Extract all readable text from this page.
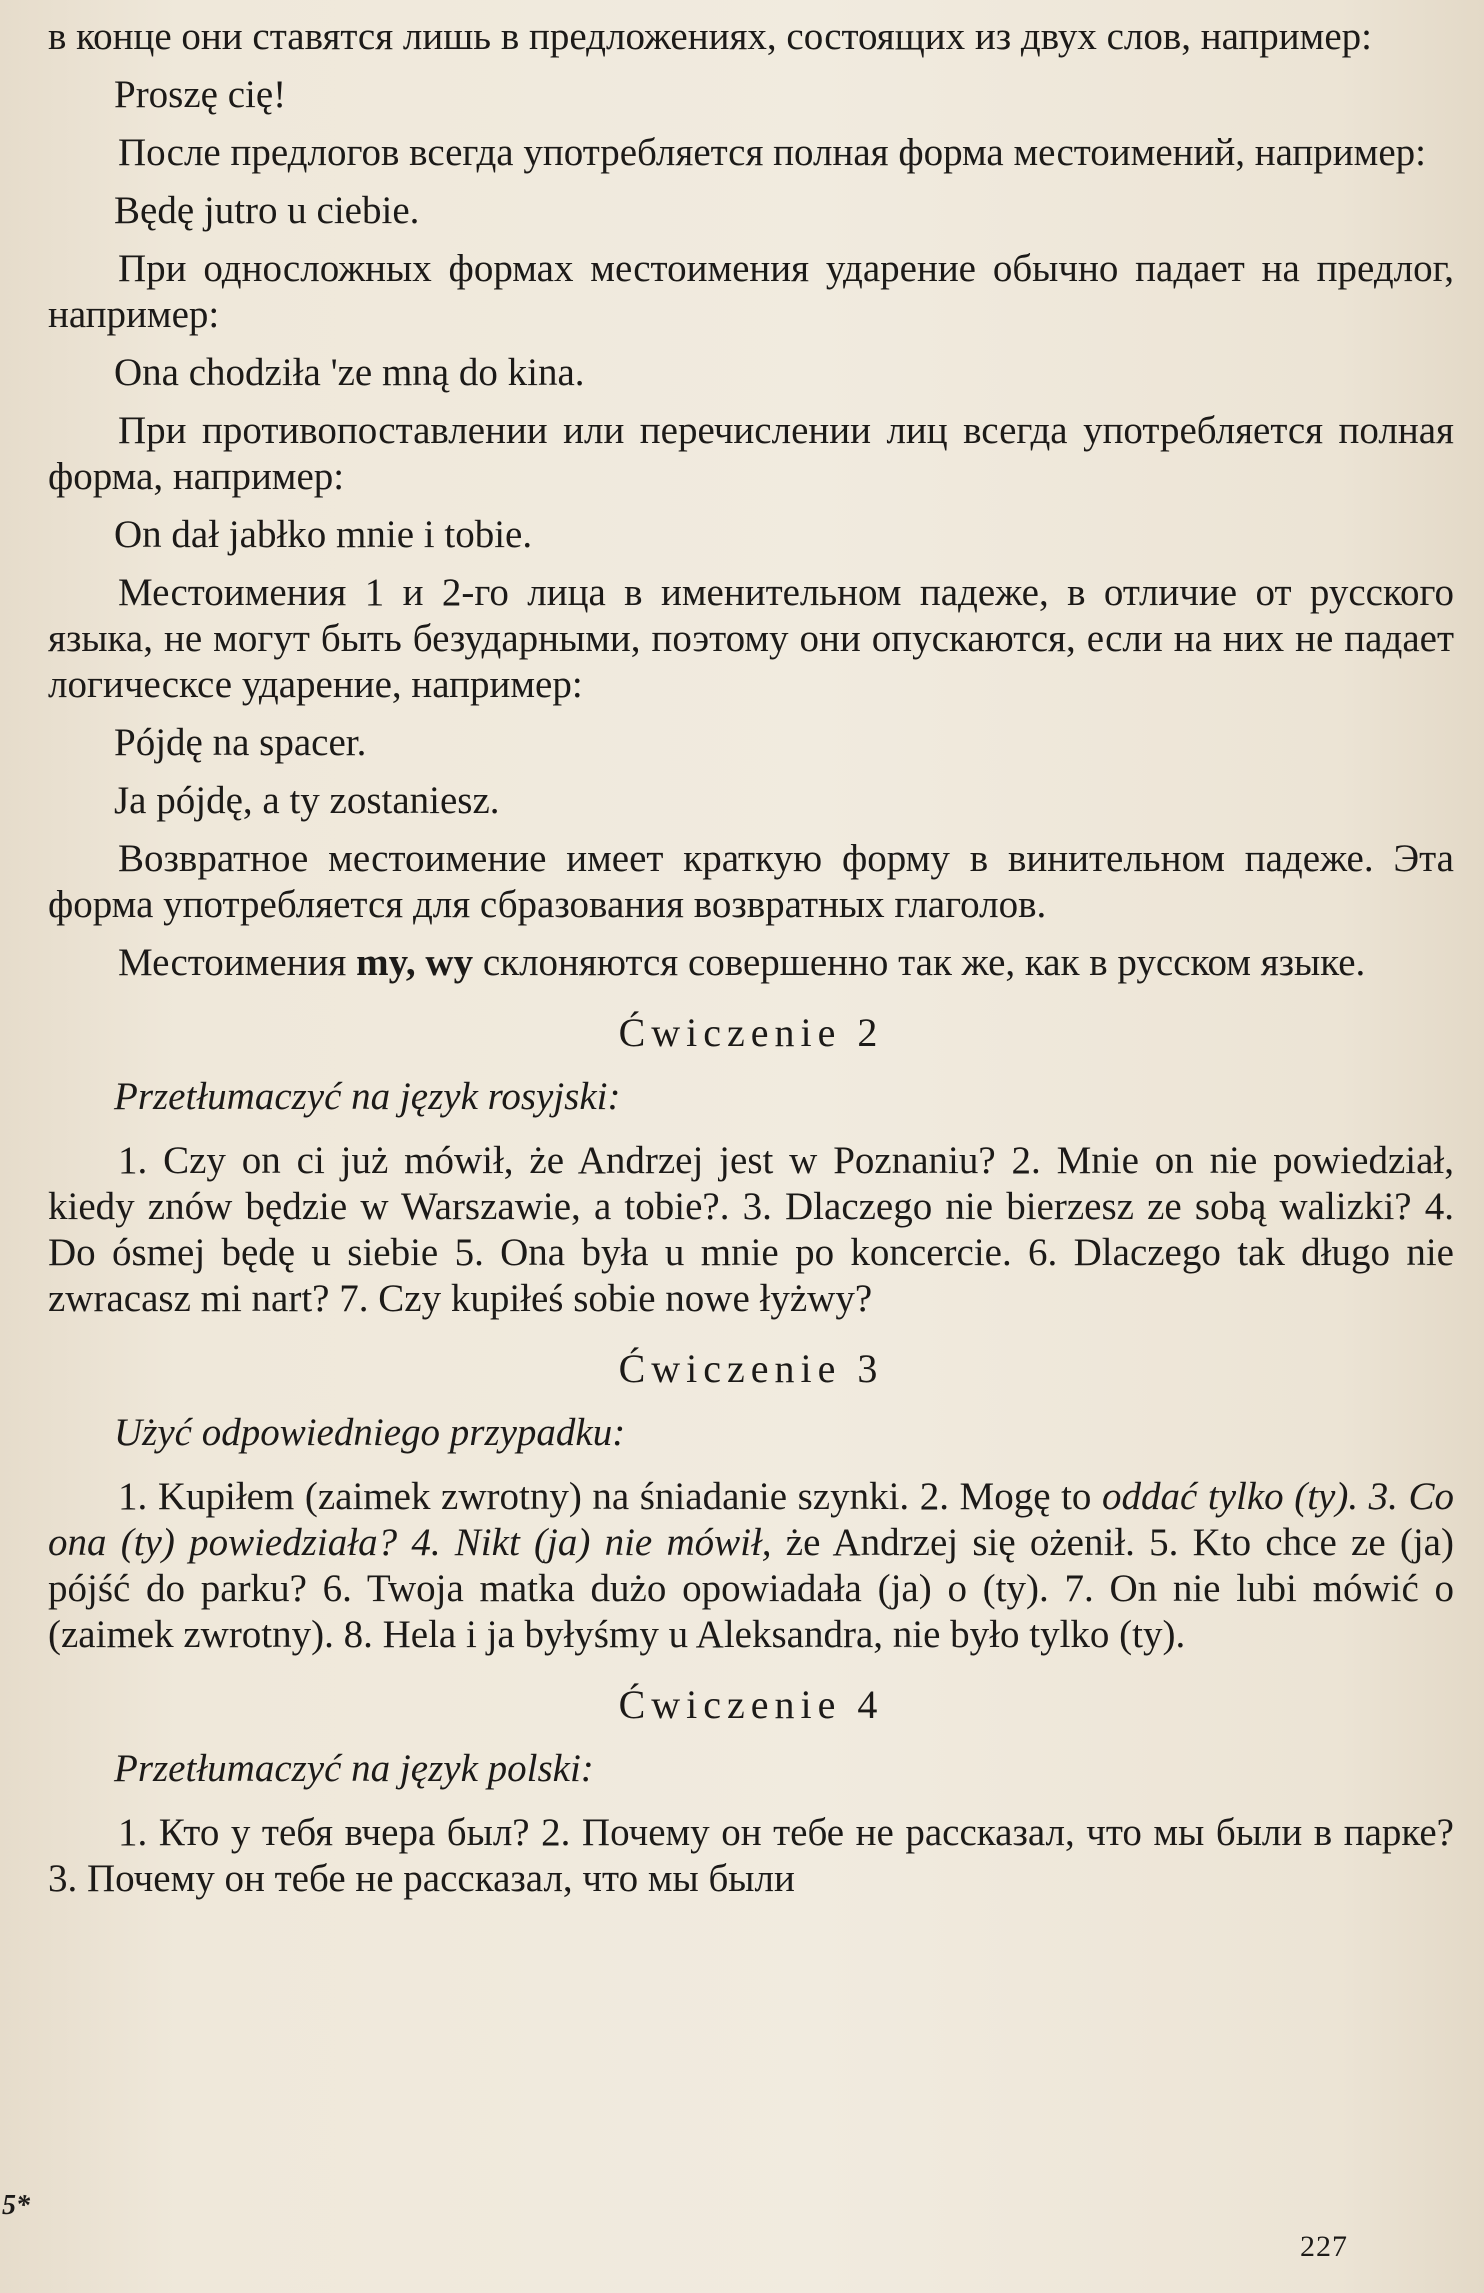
в конце они ставятся лишь в предложениях, состоящих из двух слов, например:

Proszę cię!

После предлогов всегда употребляется полная форма местоимений, например:

Będę jutro u ciebie.

При односложных формах местоимения ударение обычно падает на предлог, например:

Ona chodziła 'ze mną do kina.

При противопоставлении или перечислении лиц всегда употребляется полная форма, например:

On dał jabłko mnie i tobie.

Местоимения 1 и 2-го лица в именительном падеже, в отличие от русского языка, не могут быть безударными, поэтому они опускаются, если на них не падает логическсе ударение, например:

Pójdę na spacer.

Ja pójdę, a ty zostaniesz.

Возвратное местоимение имеет краткую форму в винительном падеже. Эта форма употребляется для сбразования возвратных глаголов.

Местоимения my, wy склоняются совершенно так же, как в русском языке.

Ćwiczenie 2

Przetłumaczyć na język rosyjski:

1. Czy on ci już mówił, że Andrzej jest w Poznaniu? 2. Mnie on nie powiedział, kiedy znów będzie w Warszawie, a tobie?. 3. Dlaczego nie bierzesz ze sobą walizki? 4. Do ósmej będę u siebie 5. Ona była u mnie po koncercie. 6. Dlaczego tak długo nie zwracasz mi nart? 7. Czy kupiłeś sobie nowe łyżwy?

Ćwiczenie 3

Użyć odpowiedniego przypadku:

1. Kupiłem (zaimek zwrotny) na śniadanie szynki. 2. Mogę to oddać tylko (ty). 3. Co ona (ty) powiedziała? 4. Nikt (ja) nie mówił, że Andrzej się ożenił. 5. Kto chce ze (ja) pójść do parku? 6. Twoja matka dużo opowiadała (ja) o (ty). 7. On nie lubi mówić o (zaimek zwrotny). 8. Hela i ja byłyśmy u Aleksandra, nie było tylko (ty).

Ćwiczenie 4

Przetłumaczyć na język polski:

1. Кто у тебя вчера был? 2. Почему он тебе не рассказал, что мы были в парке? 3. Почему он тебе не рассказал, что мы были

5*
227
